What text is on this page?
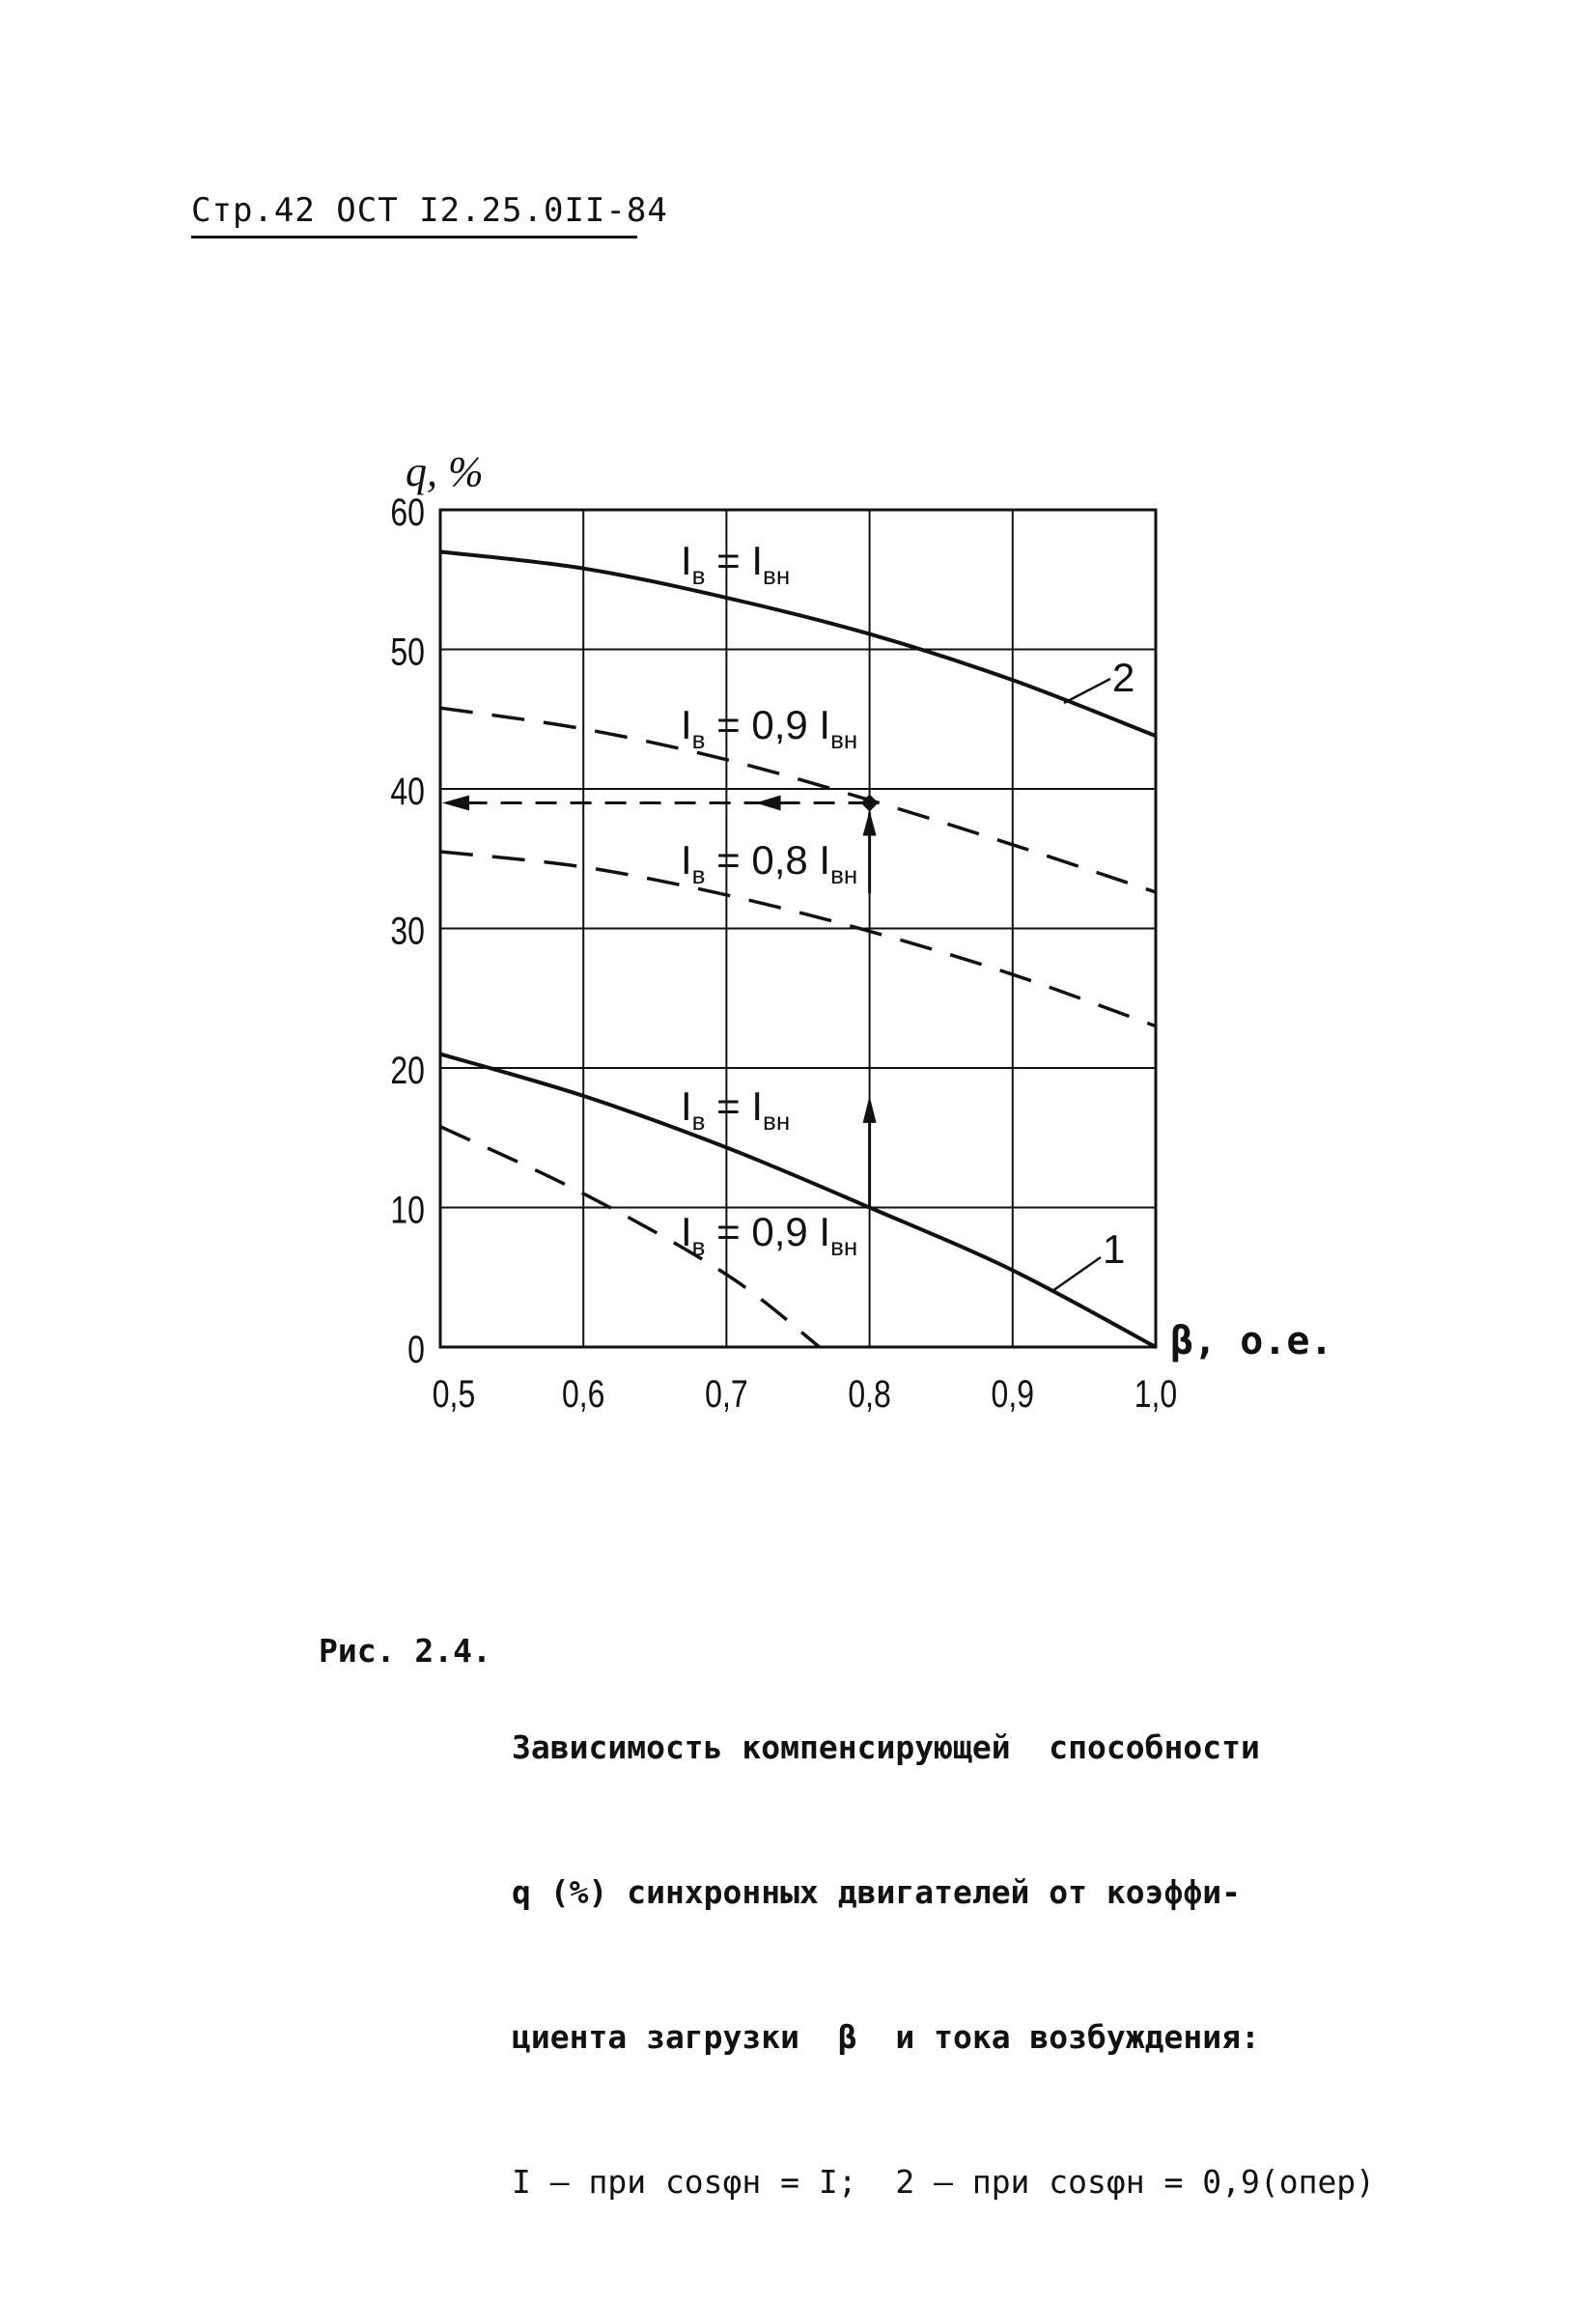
Стр.42 ОСТ I2.25.0II-84
0,5 0,6	0,7	0,8	0,9	1,0
0
10
20
30
40
50
60
q, %
β, о.е.
$I_в = I_{вн}$
$I_в = 0,9$ $I_{вн}$
$I_в = 0,8$ $I_{вн}$
$I_в = I_{вн}$
$I_в = 0,9$ $I_{вн}$	1
2

Рис. 2.4.

Зависимость компенсирующей  способности

q (%) синхронных двигателей от коэффи-

циента загрузки  β  и тока возбуждения:

I – при cosφн = I;  2 – при cosφн = 0,9(опер)
